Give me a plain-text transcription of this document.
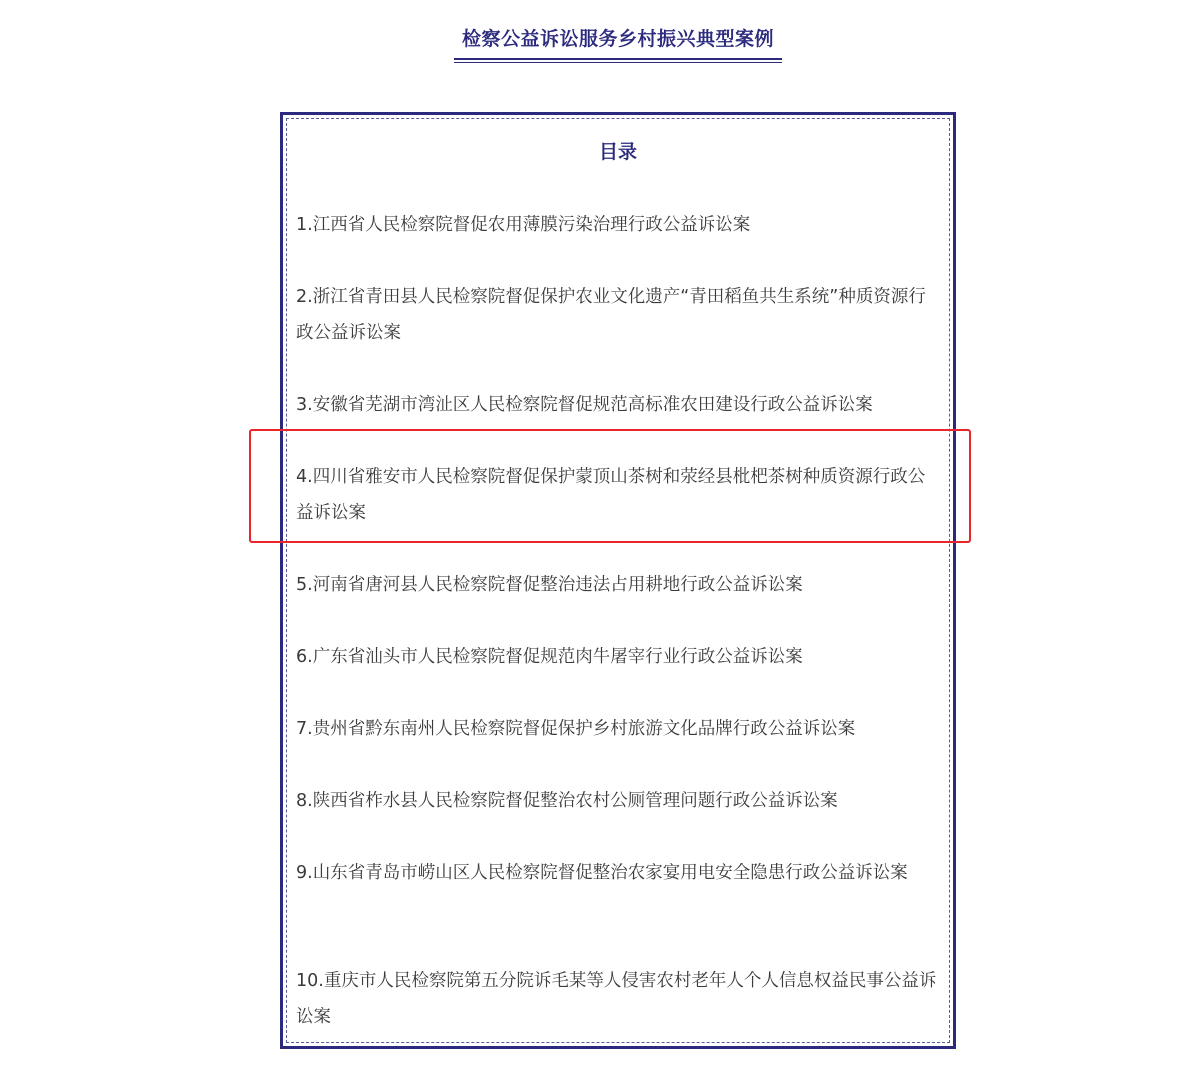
检察公益诉讼服务乡村振兴典型案例
目录
1.江西省人民检察院督促农用薄膜污染治理行政公益诉讼案
2.浙江省青田县人民检察院督促保护农业文化遗产“青田稻鱼共生系统”种质资源行政公益诉讼案
3.安徽省芜湖市湾沚区人民检察院督促规范高标准农田建设行政公益诉讼案
4.四川省雅安市人民检察院督促保护蒙顶山茶树和荥经县枇杷茶树种质资源行政公益诉讼案
5.河南省唐河县人民检察院督促整治违法占用耕地行政公益诉讼案
6.广东省汕头市人民检察院督促规范肉牛屠宰行业行政公益诉讼案
7.贵州省黔东南州人民检察院督促保护乡村旅游文化品牌行政公益诉讼案
8.陕西省柞水县人民检察院督促整治农村公厕管理问题行政公益诉讼案
9.山东省青岛市崂山区人民检察院督促整治农家宴用电安全隐患行政公益诉讼案
10.重庆市人民检察院第五分院诉毛某等人侵害农村老年人个人信息权益民事公益诉讼案
